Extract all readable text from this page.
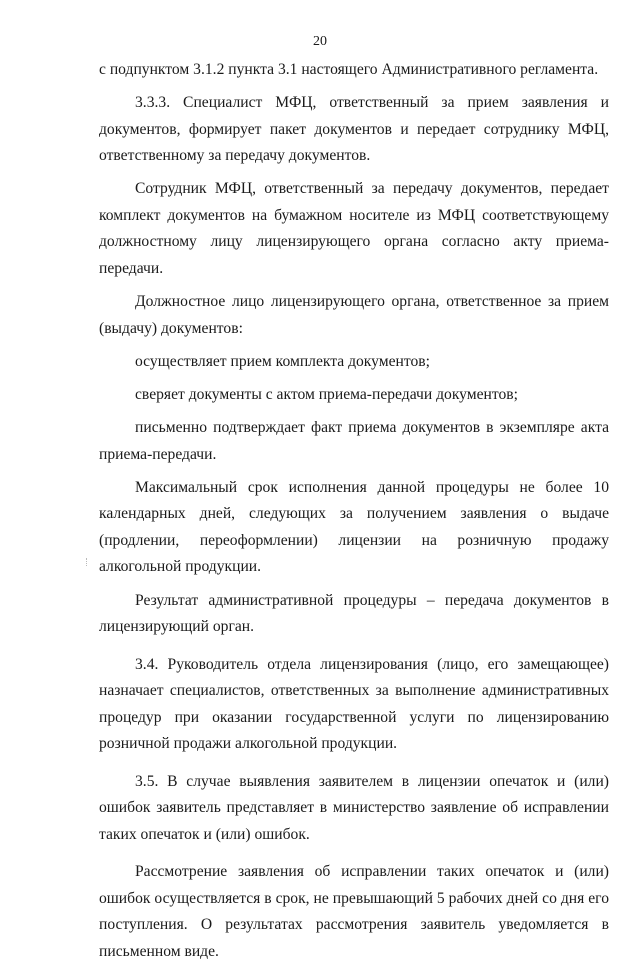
20

с подпунктом 3.1.2 пункта 3.1 настоящего Административного регламента.

3.3.3. Специалист МФЦ, ответственный за прием заявления и документов, формирует пакет документов и передает сотруднику МФЦ, ответственному за передачу документов.

Сотрудник МФЦ, ответственный за передачу документов, передает комплект документов на бумажном носителе из МФЦ соответствующему должностному лицу лицензирующего органа согласно акту приема-передачи.

Должностное лицо лицензирующего органа, ответственное за прием (выдачу) документов:

осуществляет прием комплекта документов;

сверяет документы с актом приема-передачи документов;

письменно подтверждает факт приема документов в экземпляре акта приема-передачи.

Максимальный срок исполнения данной процедуры не более 10 календарных дней, следующих за получением заявления о выдаче (продлении, переоформлении) лицензии на розничную продажу алкогольной продукции.

Результат административной процедуры – передача документов в лицензирующий орган.

3.4. Руководитель отдела лицензирования (лицо, его замещающее) назначает специалистов, ответственных за выполнение административных процедур при оказании государственной услуги по лицензированию розничной продажи алкогольной продукции.

3.5. В случае выявления заявителем в лицензии опечаток и (или) ошибок заявитель представляет в министерство заявление об исправлении таких опечаток и (или) ошибок.

Рассмотрение заявления об исправлении таких опечаток и (или) ошибок осуществляется в срок, не превышающий 5 рабочих дней со дня его поступления. О результатах рассмотрения заявитель уведомляется в письменном виде.
